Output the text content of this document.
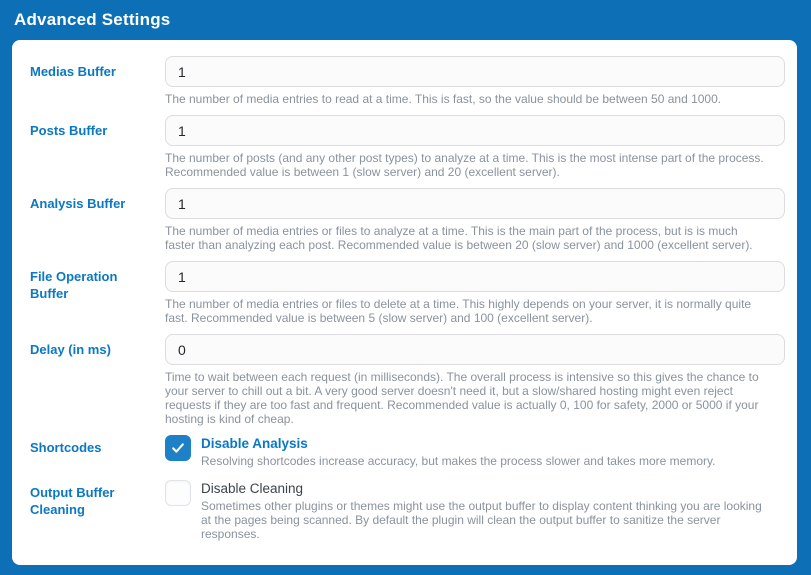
Advanced Settings
Medias Buffer
1
The number of media entries to read at a time. This is fast, so the value should be between 50 and 1000.
Posts Buffer
1
The number of posts (and any other post types) to analyze at a time. This is the most intense part of the process. Recommended value is between 1 (slow server) and 20 (excellent server).
Analysis Buffer
1
The number of media entries or files to analyze at a time. This is the main part of the process, but is is much faster than analyzing each post. Recommended value is between 20 (slow server) and 1000 (excellent server).
File Operation Buffer
1
The number of media entries or files to delete at a time. This highly depends on your server, it is normally quite fast. Recommended value is between 5 (slow server) and 100 (excellent server).
Delay (in ms)
0
Time to wait between each request (in milliseconds). The overall process is intensive so this gives the chance to your server to chill out a bit. A very good server doesn't need it, but a slow/shared hosting might even reject requests if they are too fast and frequent. Recommended value is actually 0, 100 for safety, 2000 or 5000 if your hosting is kind of cheap.
Shortcodes	Disable Analysis
Resolving shortcodes increase accuracy, but makes the process slower and takes more memory.
Output Buffer Cleaning
Disable Cleaning
Sometimes other plugins or themes might use the output buffer to display content thinking you are looking at the pages being scanned. By default the plugin will clean the output buffer to sanitize the server responses.
